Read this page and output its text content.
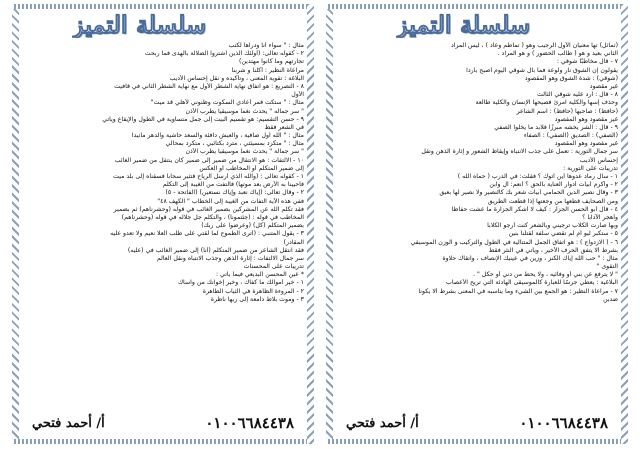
سلسلة التميز
(تماثل) تها معنيان الأول الرجيب وهو ( تماطم وعاد ) ، ليس المراد
الثاني بعيد و هو ( طالب الحضور ) و هو المراد .
٧ - قال مخاطبًا شوقي :
يقولون إن الشوق نار ولوعة فما بال شوقي اليوم أصبح باردا
(شوقي) : شدة الشوق وهو المقصود
غير مقصود
٨ - قال : أرد عليه شوقي الثالث
وحذف إسها والكلية امرئ فصيحها الإنسان والكلية طالعة
(حافظ) : صاحبها (حافظ) : اسم الشاعر
غير مقصود وهو المقصود
٩ - قال : الشر يخشه مبرزًا فلابد ما يخلوا الصفي
(الصفي) : الصديق (الصفي) : الصفاء
غير مقصود وهو المقصود
سر جمال التورية : تعمل على جذب الانتباه وإيقاظ الشعور و إثارة الذهن وتقل
إحساس الأديب
تدريبات على التورية :
١ - سال رماد عدوها أين أتوك ؟ فقلت: في الدرب ( حماه الله )
٢ - وأكرم أبيات أدوار العناية بالحق ؟ أنعم: آل وابن
٣ - وقال نصير الدين الحمامي أبيات شعر بك كالنصير ولا نصير لها بعيق
ومن الصحايف قطعها من وجعتها إذا قطعت الطريق
٤ - قال أبو الحسن الجزار : كيف لا أشكر الجزارة ما عشت حفاظا
وأهجر الآدابا ؟
وبها صارت الكلاب ترجيني وبالشعر كنت أرجو الكلابا
٥ - ستكبر ليو أم لم تقضي سلفة لقتلنا بنين
٦ - ( الازدواج ) : هو اتفاق الجمل المتتالية في الطول والتركيب و الوزن الموسيقي
بشرط ألا يتفق الحرف الأخير ، ويأتي في النثر فقط
مثال : " حب الله إياك الكنز ، وزين في عينيك الإنصاف ، واتقاك حلاوة
التقوى "
" لا يترفع عن بني أو وفائيه ، ولا يحط من دني أو حكل " .
البلاغية : يعطي جرسًا للعبارة كالموسيقى الهادئة التي تريح الأعصاب
٧ - مراعاة النظير : هو الجمع بين الشيء وما يناسبه في المعنى بشرط ألا يكونا
ضدين
أ/ أحمد فتحي	٠١٠٠٦٦٨٤٤٣٨
سلسلة التميز
مثال : " سواء أنا ودراها لكتب
٢ - كقوله تعالى: (أولئك الذين اشتروا الضلالة بالهدى فما ربحت
تجارتهم وما كانوا مهتدين)
مراعاة النظير : أكلنا و شربنا
البلاغة : تقوية المعنى ، وتأكيده و نقل إحساس الأديب
٨ - التصريع : هو اتفاق نهاية الشطر الأول مع نهاية الشطر الثاني في قافيت
الأول
مثال : " ستكت فمر أعادي السكوت وظنوني لأهلي قد ميت"
" سر جماله " يحدث نغما موسيقيا يطرب الأذن
٩ - حسن التقسيم: هو تقسيم البيت إلى جمل متساوية في الطول والإيقاع ويأتي
في الشعر فقط
مثال : " الله أول صافية ، والعيش دافئة والسعد حاشية والدهر ماتيدا
مثال : " متكرد بمسيئتي ، مترد بكتائبي ، متكرد بمحالي
" سر جمالة " يحدث نغما موسيقيا يطرب الأذن
١٠ - الالتفات : هو الانتقال من ضمير إلى ضمير كأن ينتقل من ضمير الغائب
إلى ضمير المتكلم أو المخاطب أو العكس
١ - كقوله تعالى : (والله الذي أرسل الرياح فتثير سحابا فسقناه إلى بلد ميت
فأحيينا به الأرض بعد موتها) فالتفت من الغيبة إلى التكلم
٢ - وقال تعالى: (إياك نعبد وإياك نستعين) (الفاتحة - ٥)
ففي هذه الآية التفات من الغيبة إلى الخطاب " الكهف ٤٨"
فقد تكلم الله عن المشركين بضمير الغائب في قوله (وحشرناهم) ثم بضمير
المخاطب في قوله : (جئتمونا) ، والتكلم جل جلاله في قوله (وحشرناهم)
بضمير المتكلم (كل) (وعرضوا على ربك)
٣ - يقول المتنبي : (أترى الطموح لما لقتي على طلب العلا نعيم ولا تعدو عليه
المقادر)
فقد انتقل الشاعر من ضمير المتكلم (أنا) إلى ضمير الغائب في (عليه)
سر جمال الالتفات : إثارة الذهن وجذب الانتباه ونقل العالم
تدريبات على المحسنات
* عين المحسن البديعي فيما يأتي :
١ - خير أموالك ما كفاك ، وخير إخوانك من واساك
٢ - المروءة الظاهرة في الثياب الطاهرة
٣ - وموت بلاط دامعة إلى ربها ناظرة
أ/ أحمد فتحي	٠١٠٠٦٦٨٤٤٣٨
